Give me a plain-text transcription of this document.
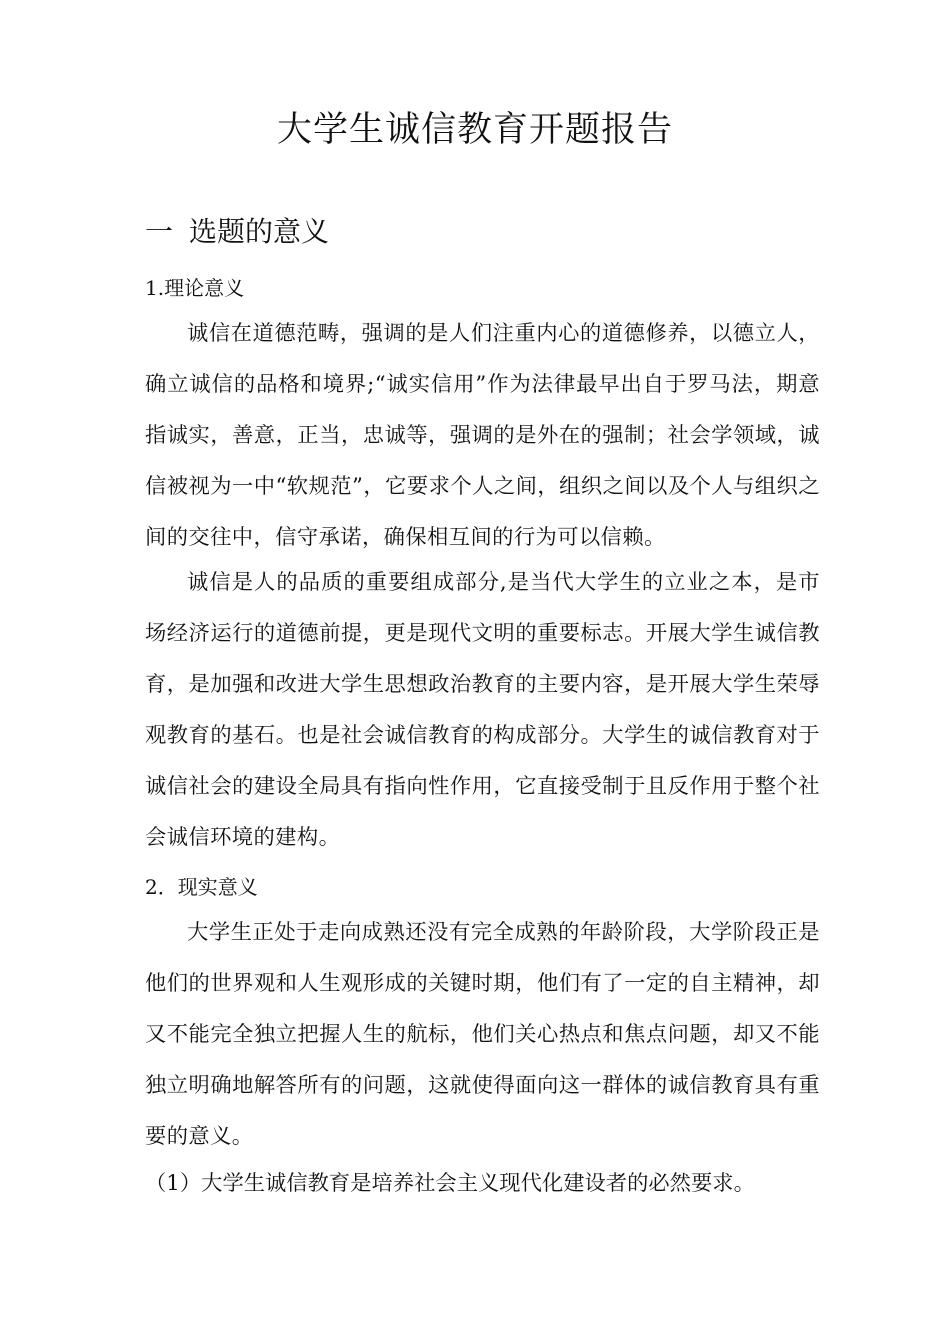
大学生诚信教育开题报告
一 选题的意义
1.理论意义

诚信在道德范畴，强调的是人们注重内心的道德修养，以德立人，确立诚信的品格和境界;“诚实信用”作为法律最早出自于罗马法，期意指诚实，善意，正当，忠诚等，强调的是外在的强制；社会学领域，诚信被视为一中“软规范”，它要求个人之间，组织之间以及个人与组织之间的交往中，信守承诺，确保相互间的行为可以信赖。

诚信是人的品质的重要组成部分,是当代大学生的立业之本，是市场经济运行的道德前提，更是现代文明的重要标志。开展大学生诚信教育，是加强和改进大学生思想政治教育的主要内容，是开展大学生荣辱观教育的基石。也是社会诚信教育的构成部分。大学生的诚信教育对于诚信社会的建设全局具有指向性作用，它直接受制于且反作用于整个社会诚信环境的建构。

2．现实意义

大学生正处于走向成熟还没有完全成熟的年龄阶段，大学阶段正是他们的世界观和人生观形成的关键时期，他们有了一定的自主精神，却又不能完全独立把握人生的航标，他们关心热点和焦点问题，却又不能独立明确地解答所有的问题，这就使得面向这一群体的诚信教育具有重要的意义。

（1）大学生诚信教育是培养社会主义现代化建设者的必然要求。
